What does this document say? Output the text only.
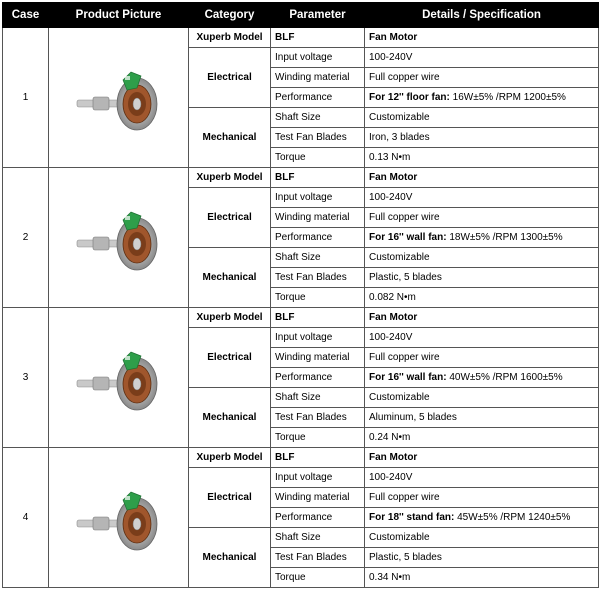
Case	Product Picture	Category	Parameter	Details / Specification
1		Xuperb Model	BLF	Fan Motor
		Electrical	Input voltage	100-240V
			Winding material	Full copper wire
			Performance	For 12'' floor fan: 16W±5% /RPM 1200±5%
		Mechanical	Shaft Size	Customizable
			Test Fan Blades	Iron, 3 blades
			Torque	0.13 N•m
2		Xuperb Model	BLF	Fan Motor
		Electrical	Input voltage	100-240V
			Winding material	Full copper wire
			Performance	For 16'' wall fan: 18W±5% /RPM 1300±5%
		Mechanical	Shaft Size	Customizable
			Test Fan Blades	Plastic, 5 blades
			Torque	0.082 N•m
3		Xuperb Model	BLF	Fan Motor
		Electrical	Input voltage	100-240V
			Winding material	Full copper wire
			Performance	For 16'' wall fan: 40W±5% /RPM 1600±5%
		Mechanical	Shaft Size	Customizable
			Test Fan Blades	Aluminum, 5 blades
			Torque	0.24 N•m
4		Xuperb Model	BLF	Fan Motor
		Electrical	Input voltage	100-240V
			Winding material	Full copper wire
			Performance	For 18'' stand fan: 45W±5% /RPM 1240±5%
		Mechanical	Shaft Size	Customizable
			Test Fan Blades	Plastic, 5 blades
			Torque	0.34 N•m
